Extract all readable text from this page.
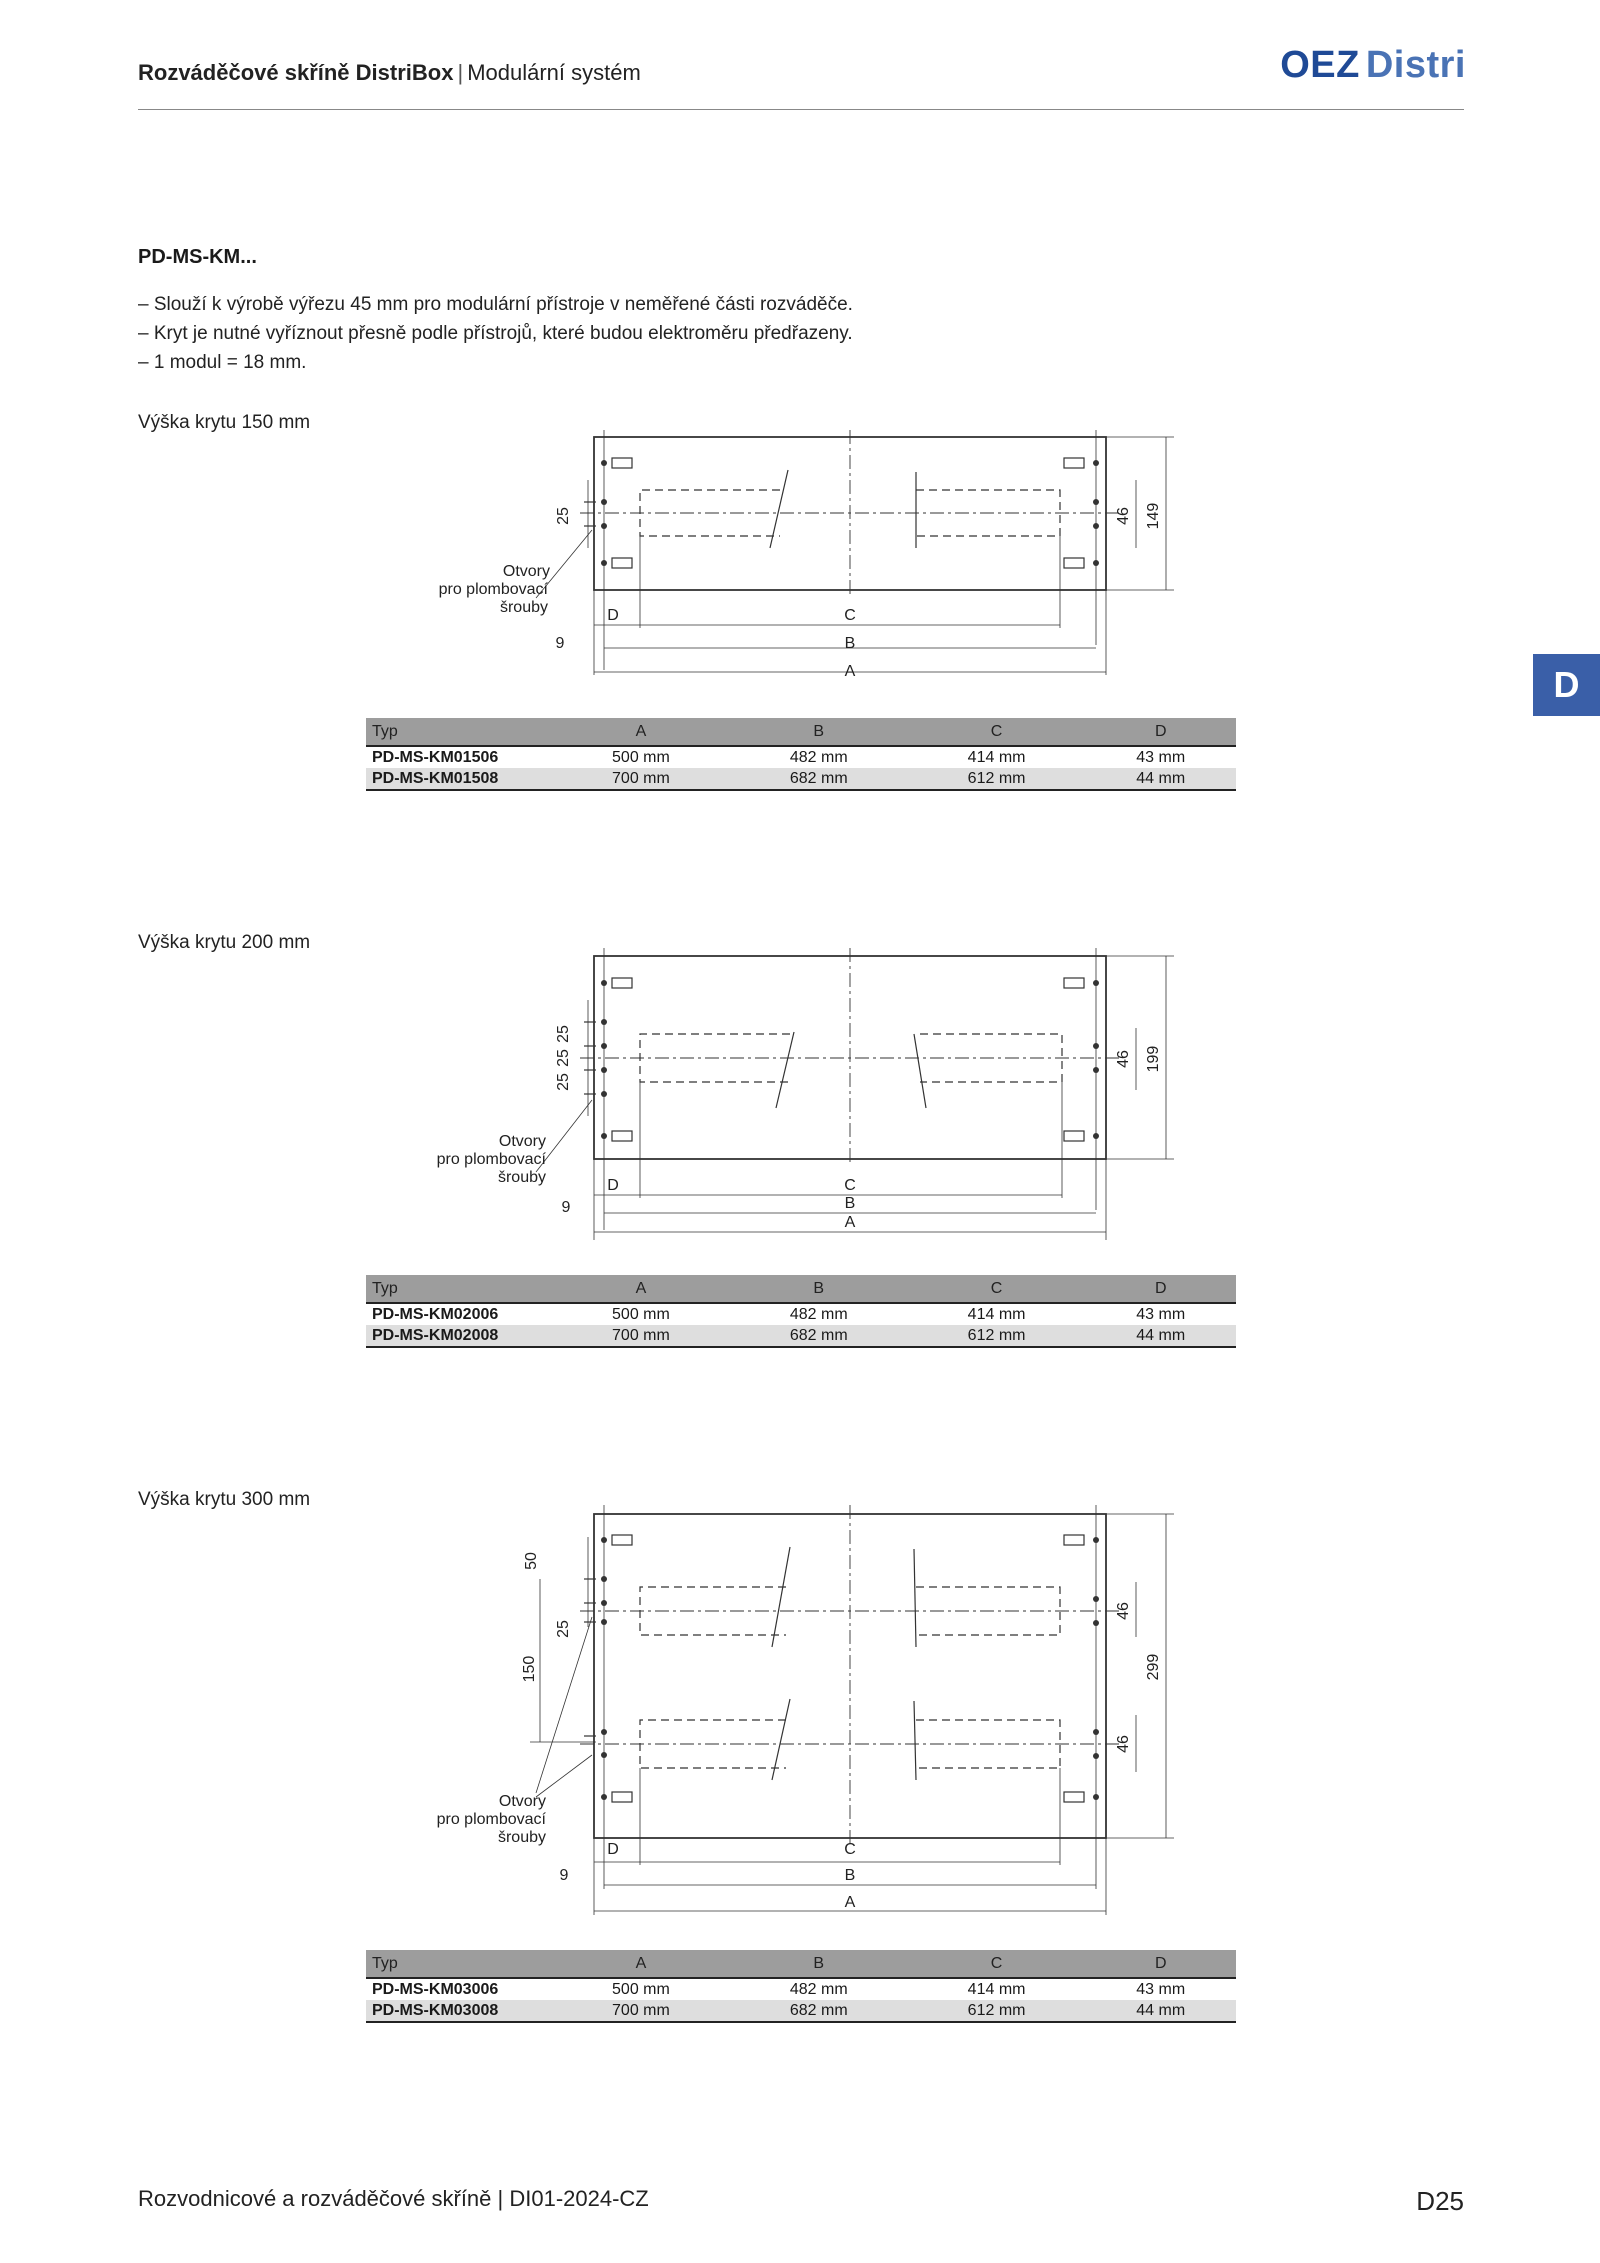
Rozváděčové skříně DistriBox | Modulární systém	OEZ Distri
D
PD-MS-KM...
– Slouží k výrobě výřezu 45 mm pro modulární přístroje v neměřené části rozváděče.
– Kryt je nutné vyříznout přesně podle přístrojů, které budou elektroměru předřazeny.
– 1 modul = 18 mm.
Výška krytu 150 mm
25	46 149
D	C
9	B
A
Otvory
pro plombovací
šrouby
Typ	A	B	C	D
PD-MS-KM01506	500 mm	482 mm	414 mm	43 mm
PD-MS-KM01508	700 mm	682 mm	612 mm	44 mm
Výška krytu 200 mm
25
25
25
46 199
D	C
9	B
A
Otvory
pro plombovací
šrouby
Typ	A	B	C	D
PD-MS-KM02006	500 mm	482 mm	414 mm	43 mm
PD-MS-KM02008	700 mm	682 mm	612 mm	44 mm
Výška krytu 300 mm
50
25
150
46
299
46
D	C
9	B
A
Otvory
pro plombovací
šrouby
Typ	A	B	C	D
PD-MS-KM03006	500 mm	482 mm	414 mm	43 mm
PD-MS-KM03008	700 mm	682 mm	612 mm	44 mm
Rozvodnicové a rozváděčové skříně | DI01-2024-CZ	D25
